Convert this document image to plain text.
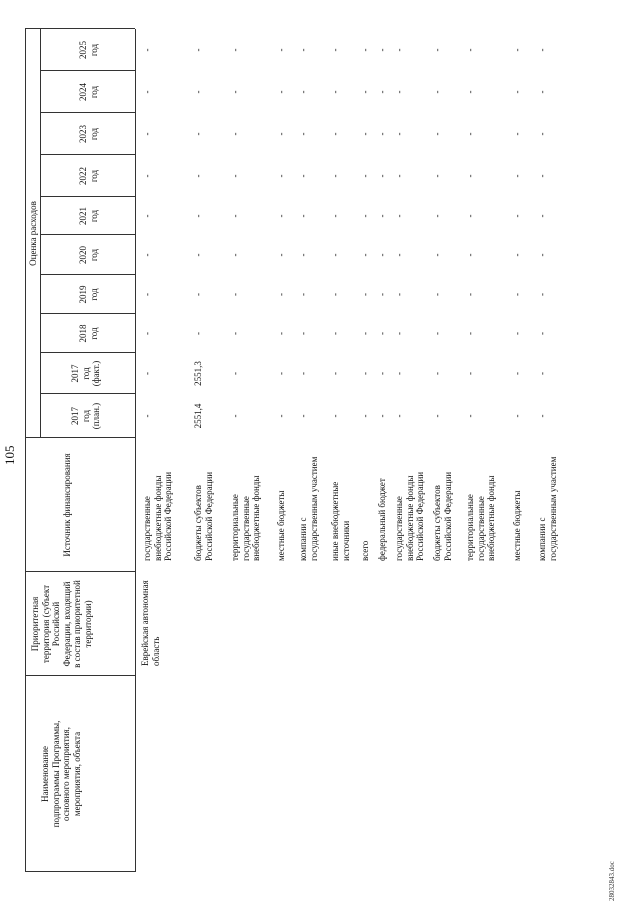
105
Наименование
подпрограммы Программы,
основного мероприятия,
мероприятия, объекта
Приоритетная
территория (субъект
Российской
Федерации, входящий
в состав приоритетной
территории)
Источник финансирования
Оценка расходов
2017
год
(план.)
2017
год
(факт.)
2018
год
2019
год
2020
год
2021
год
2022
год
2023
год
2024
год
2025
год
Еврейская автономная
область
государственные
внебюджетные фонды
Российской Федерации
-
-
-
-
-
-
-
-
-
-
бюджеты субъектов
Российской Федерации
2551,4
2551,3
-
-
-
-
-
-
-
-
территориальные
государственные
внебюджетные фонды
-
-
-
-
-
-
-
-
-
-
местные бюджеты
-
-
-
-
-
-
-
-
-
-
компании с
государственным участием
-
-
-
-
-
-
-
-
-
-
иные внебюджетные
источники
-
-
-
-
-
-
-
-
-
-
всего
-
-
-
-
-
-
-
-
-
-
федеральный бюджет
-
-
-
-
-
-
-
-
-
-
государственные
внебюджетные фонды
Российской Федерации
-
-
-
-
-
-
-
-
-
-
бюджеты субъектов
Российской Федерации
-
-
-
-
-
-
-
-
-
-
территориальные
государственные
внебюджетные фонды
-
-
-
-
-
-
-
-
-
-
местные бюджеты
-
-
-
-
-
-
-
-
-
-
компании с
государственным участием
-
-
-
-
-
-
-
-
-
-
28032843.doc
